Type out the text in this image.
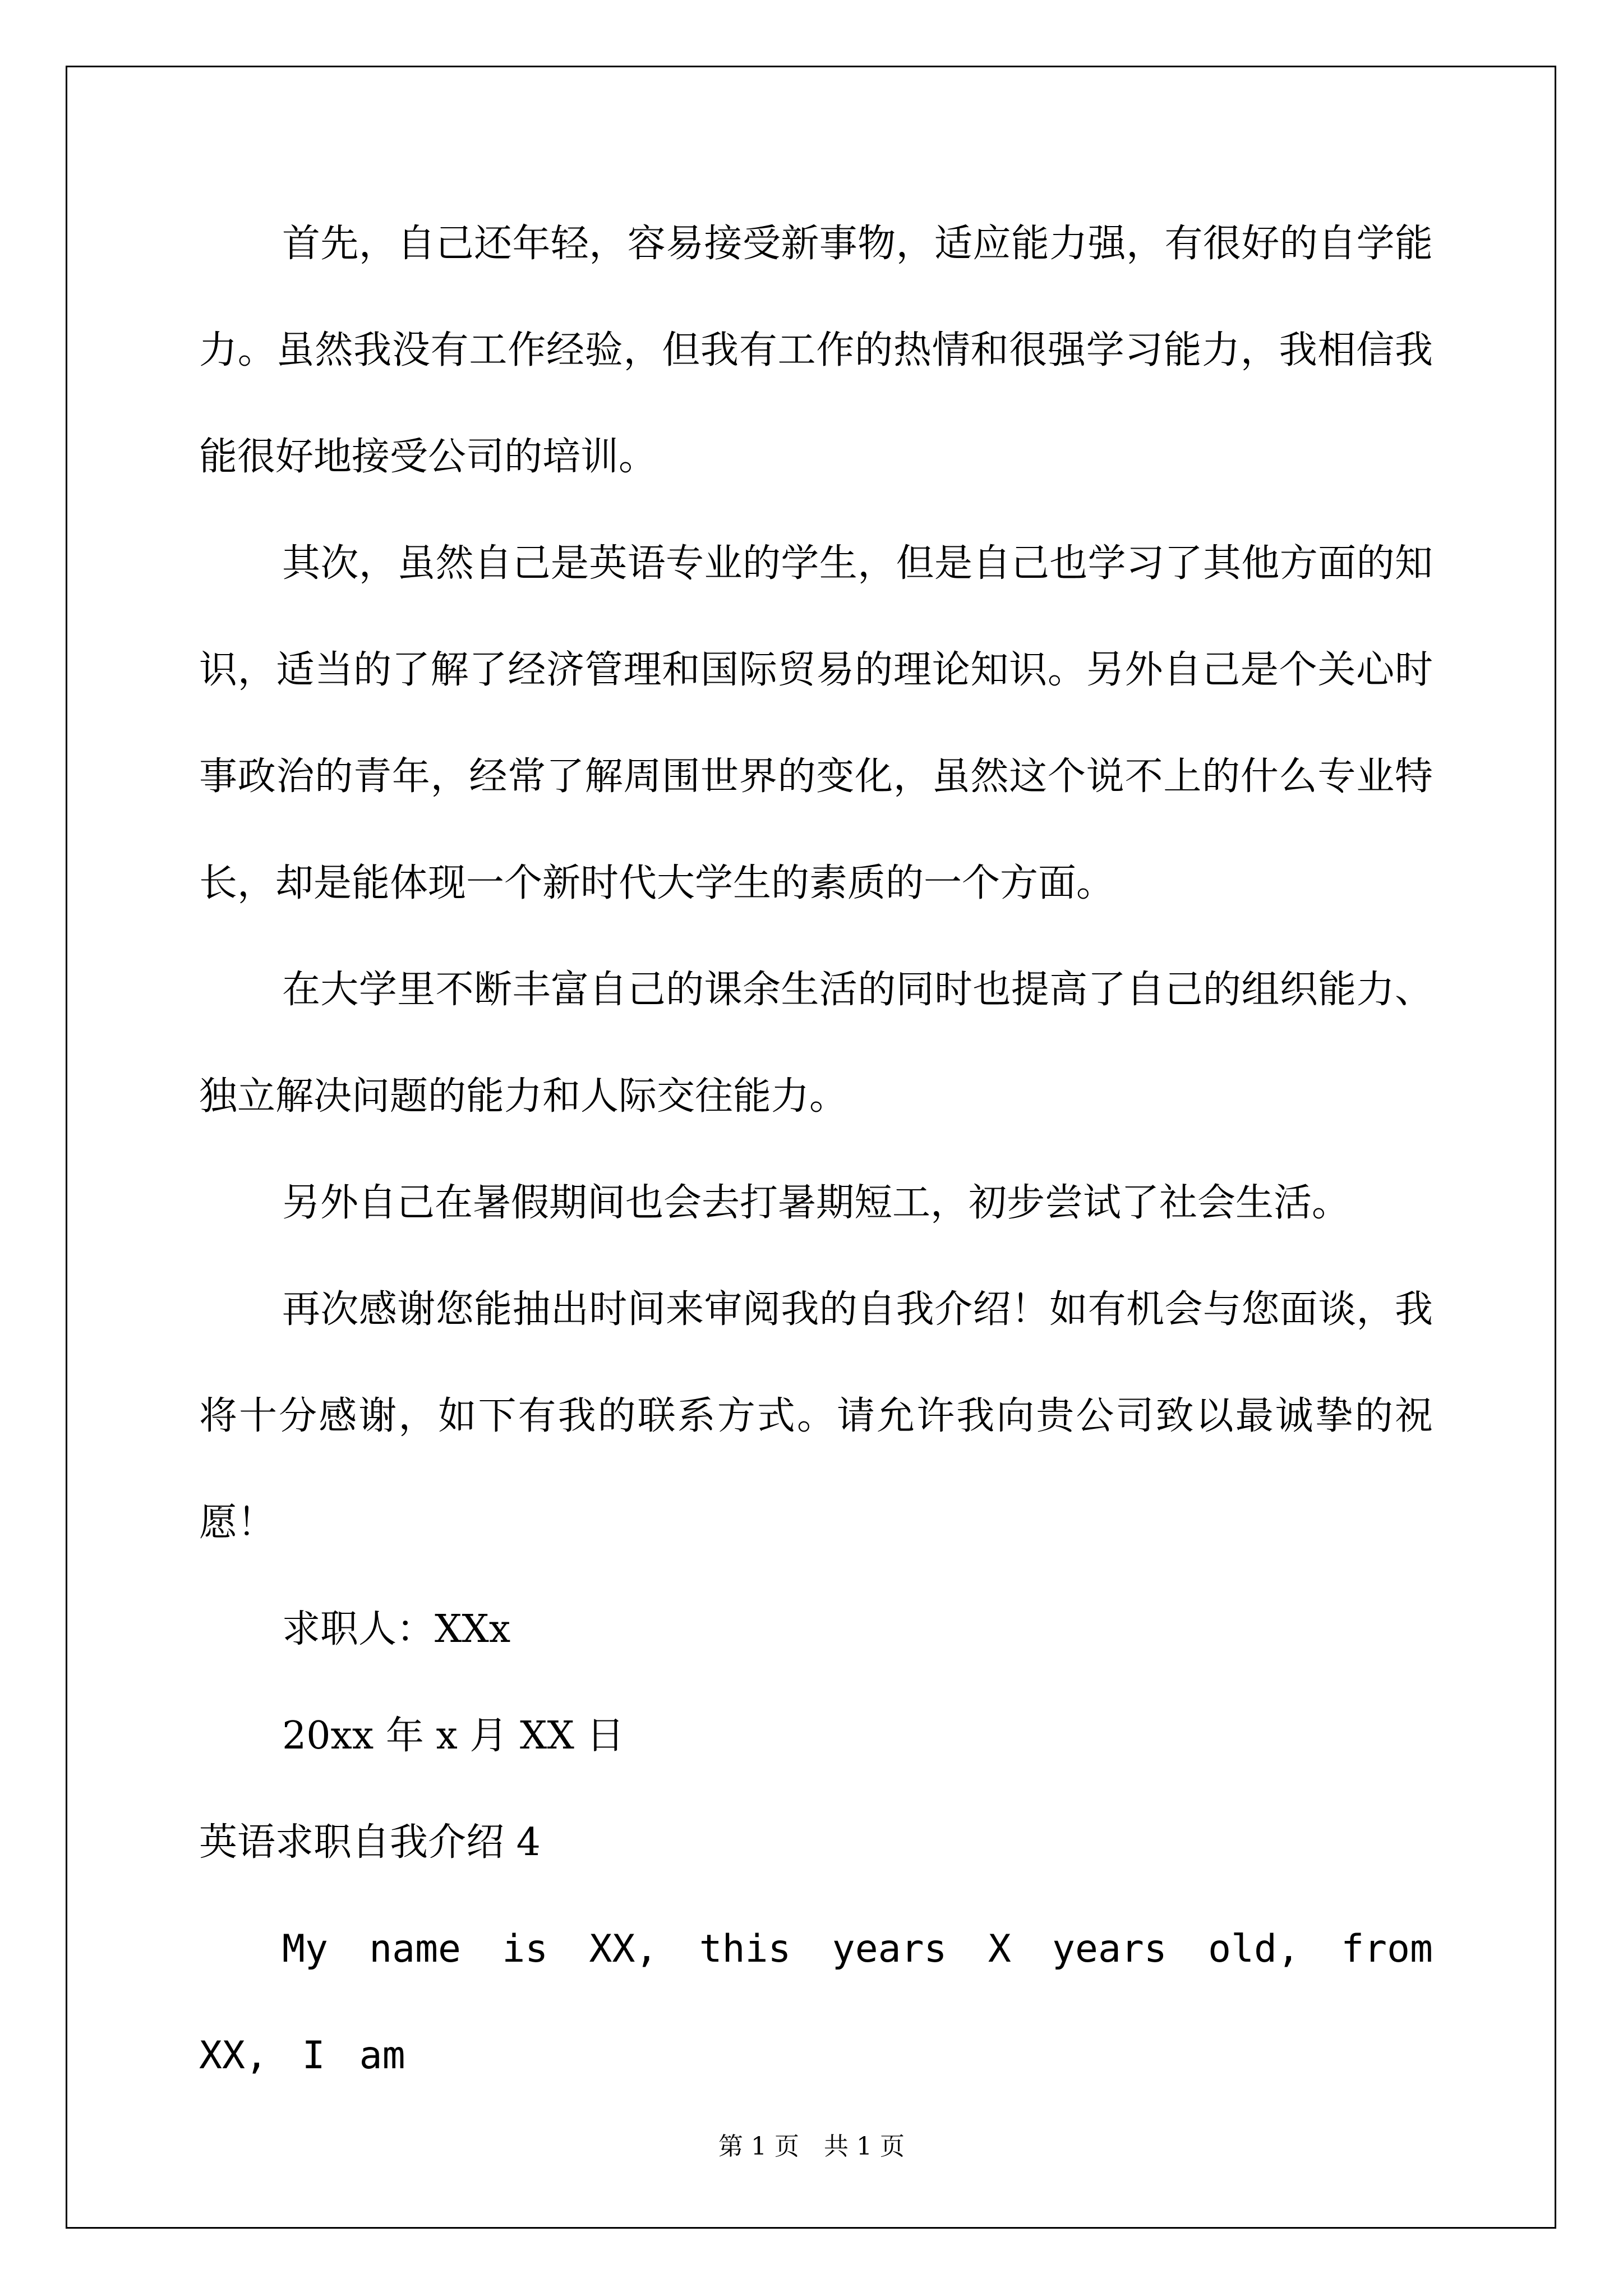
首先，自己还年轻，容易接受新事物，适应能力强，有很好的自学能力。虽然我没有工作经验，但我有工作的热情和很强学习能力，我相信我能很好地接受公司的培训。

其次，虽然自己是英语专业的学生，但是自己也学习了其他方面的知识，适当的了解了经济管理和国际贸易的理论知识。另外自己是个关心时事政治的青年，经常了解周围世界的变化，虽然这个说不上的什么专业特长，却是能体现一个新时代大学生的素质的一个方面。

在大学里不断丰富自己的课余生活的同时也提高了自己的组织能力、独立解决问题的能力和人际交往能力。

另外自己在暑假期间也会去打暑期短工，初步尝试了社会生活。

再次感谢您能抽出时间来审阅我的自我介绍！如有机会与您面谈，我将十分感谢，如下有我的联系方式。请允许我向贵公司致以最诚挚的祝愿！

求职人：XXx

20xx 年 x 月 XX 日

英语求职自我介绍 4

My name is XX, this years X years old, from XX, I am

第 1 页　共 1 页
